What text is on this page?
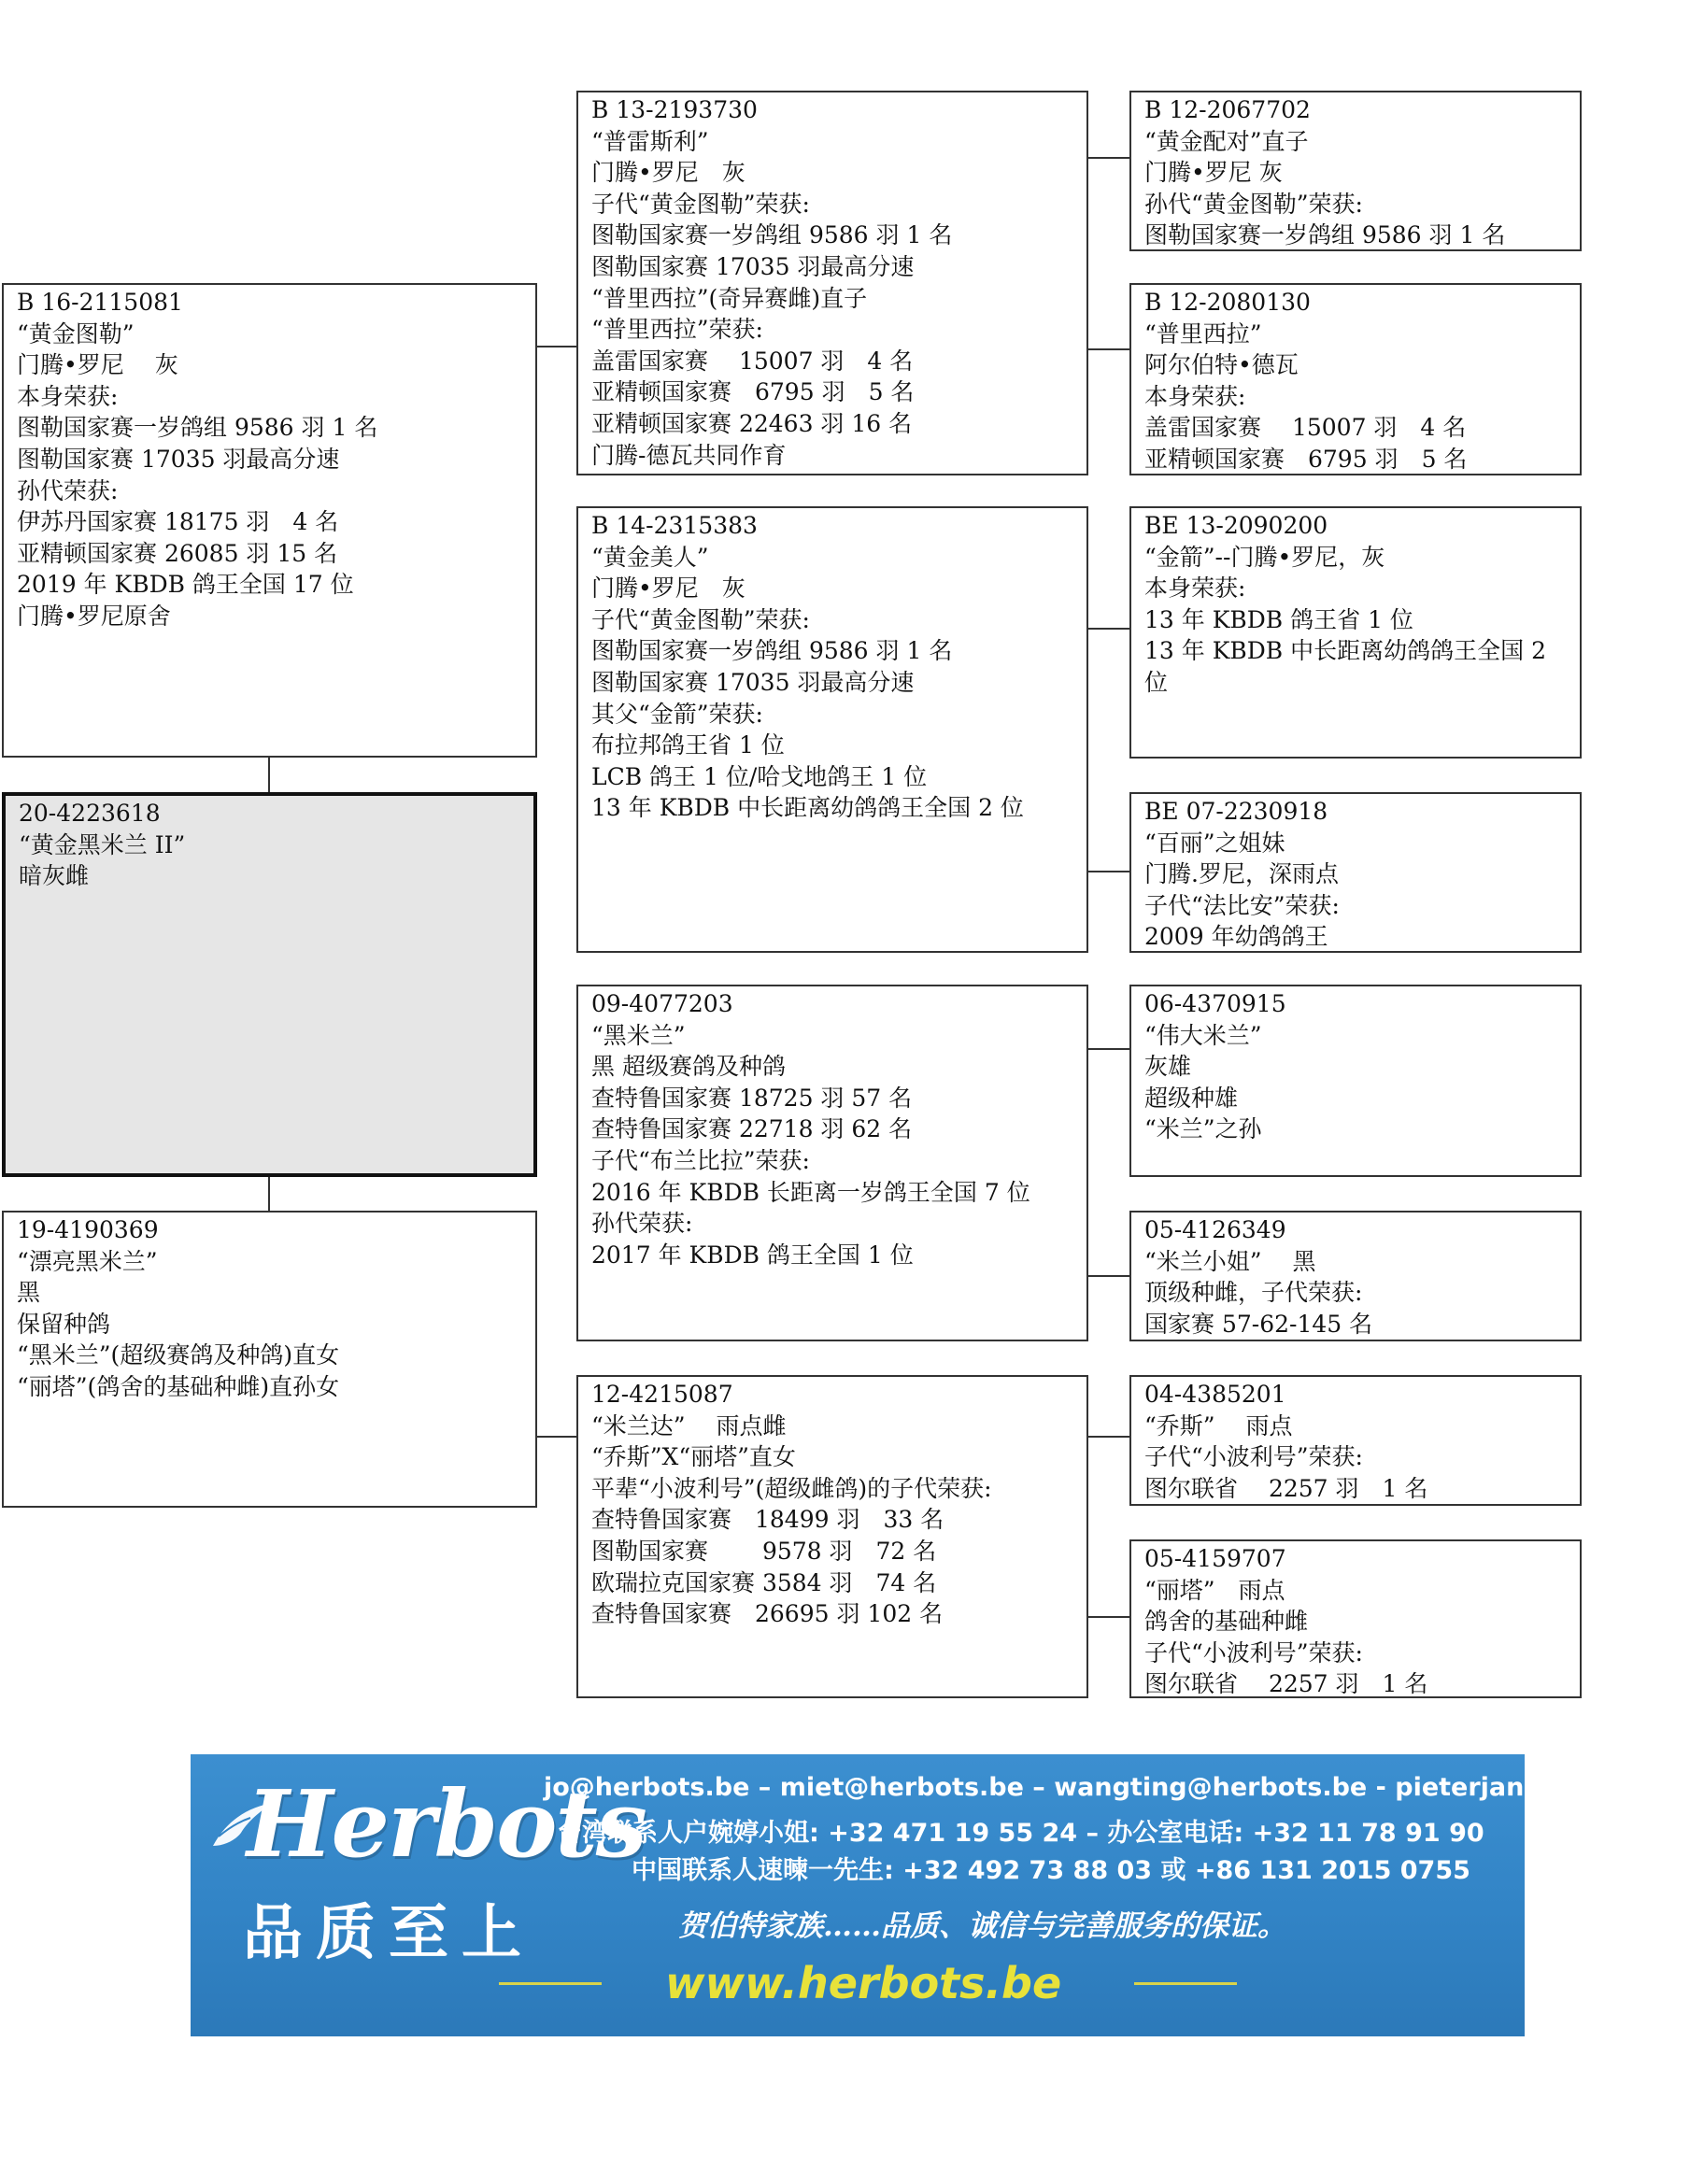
B 16-2115081
“黄金图勒”
门腾•罗尼　 灰
本身荣获:
图勒国家赛一岁鸽组 9586 羽 1 名
图勒国家赛 17035 羽最高分速
孙代荣获:
伊苏丹国家赛 18175 羽　4 名
亚精顿国家赛 26085 羽 15 名
2019 年 KBDB 鸽王全国 17 位
门腾•罗尼原舍
20-4223618
“黄金黑米兰 II”
暗灰雌
19-4190369
“漂亮黑米兰”
黑
保留种鸽
“黑米兰”(超级赛鸽及种鸽)直女
“丽塔”(鸽舍的基础种雌)直孙女
B 13-2193730
“普雷斯利”
门腾•罗尼　灰
子代“黄金图勒”荣获:
图勒国家赛一岁鸽组 9586 羽 1 名
图勒国家赛 17035 羽最高分速
“普里西拉”(奇异赛雌)直子
“普里西拉”荣获:
盖雷国家赛　 15007 羽　4 名
亚精顿国家赛　6795 羽　5 名
亚精顿国家赛 22463 羽 16 名
门腾-德瓦共同作育
B 14-2315383
“黄金美人”
门腾•罗尼　灰
子代“黄金图勒”荣获:
图勒国家赛一岁鸽组 9586 羽 1 名
图勒国家赛 17035 羽最高分速
其父“金箭”荣获:
布拉邦鸽王省 1 位
LCB 鸽王 1 位/哈戈地鸽王 1 位
13 年 KBDB 中长距离幼鸽鸽王全国 2 位
09-4077203
“黑米兰”
黑 超级赛鸽及种鸽
查特鲁国家赛 18725 羽 57 名
查特鲁国家赛 22718 羽 62 名
子代“布兰比拉”荣获:
2016 年 KBDB 长距离一岁鸽王全国 7 位
孙代荣获:
2017 年 KBDB 鸽王全国 1 位
12-4215087
“米兰达”　 雨点雌
“乔斯”X“丽塔”直女
平辈“小波利号”(超级雌鸽)的子代荣获:
查特鲁国家赛　18499 羽　33 名
图勒国家赛　　 9578 羽　72 名
欧瑞拉克国家赛 3584 羽　74 名
查特鲁国家赛　26695 羽 102 名
B 12-2067702
“黄金配对”直子
门腾•罗尼 灰
孙代“黄金图勒”荣获:
图勒国家赛一岁鸽组 9586 羽 1 名
B 12-2080130
“普里西拉”
阿尔伯特•德瓦
本身荣获:
盖雷国家赛　 15007 羽　4 名
亚精顿国家赛　6795 羽　5 名
BE 13-2090200
“金箭”--门腾•罗尼，灰
本身荣获:
13 年 KBDB 鸽王省 1 位
13 年 KBDB 中长距离幼鸽鸽王全国 2
位
BE 07-2230918
“百丽”之姐妹
门腾.罗尼，深雨点
子代“法比安”荣获:
2009 年幼鸽鸽王
06-4370915
“伟大米兰”
灰雄
超级种雄
“米兰”之孙
05-4126349
“米兰小姐”　 黑
顶级种雌，子代荣获:
国家赛 57-62-145 名
04-4385201
“乔斯”　 雨点
子代“小波利号”荣获:
图尔联省　 2257 羽　1 名
05-4159707
“丽塔”　雨点
鸽舍的基础种雌
子代“小波利号”荣获:
图尔联省　 2257 羽　1 名
Herbots
品质至上
jo@herbots.be – miet@herbots.be – wangting@herbots.be - pieterjan@herbots.be
台湾联系人户婉婷小姐: +32 471 19 55 24 – 办公室电话: +32 11 78 91 90
中国联系人速暕一先生: +32 492 73 88 03 或 +86 131 2015 0755
贺伯特家族……品质、诚信与完善服务的保证。
www.herbots.be
